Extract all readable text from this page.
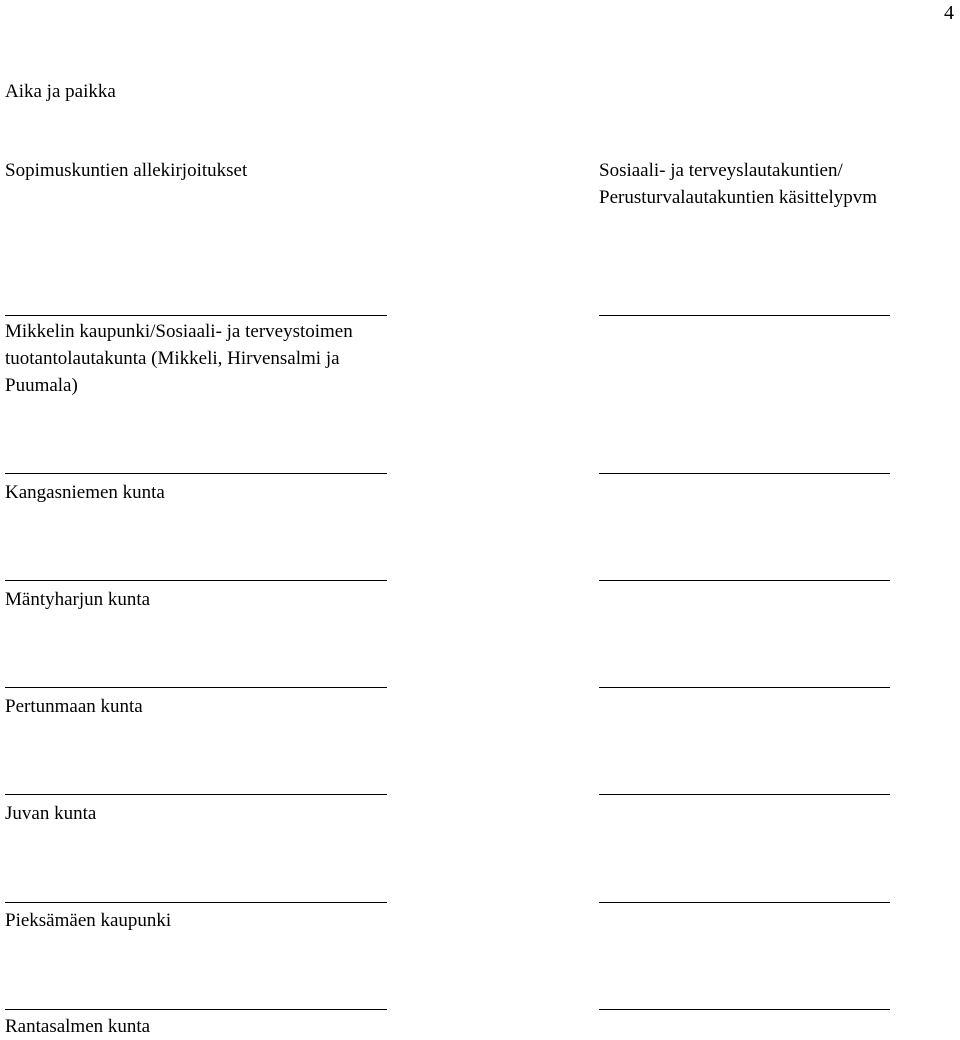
4
Aika ja paikka
Sopimuskuntien allekirjoitukset	Sosiaali- ja terveyslautakuntien/
Perusturvalautakuntien käsittelypvm
Mikkelin kaupunki/Sosiaali- ja terveystoimen
tuotantolautakunta (Mikkeli, Hirvensalmi ja
Puumala)
Kangasniemen kunta
Mäntyharjun kunta
Pertunmaan kunta
Juvan kunta
Pieksämäen kaupunki
Rantasalmen kunta
